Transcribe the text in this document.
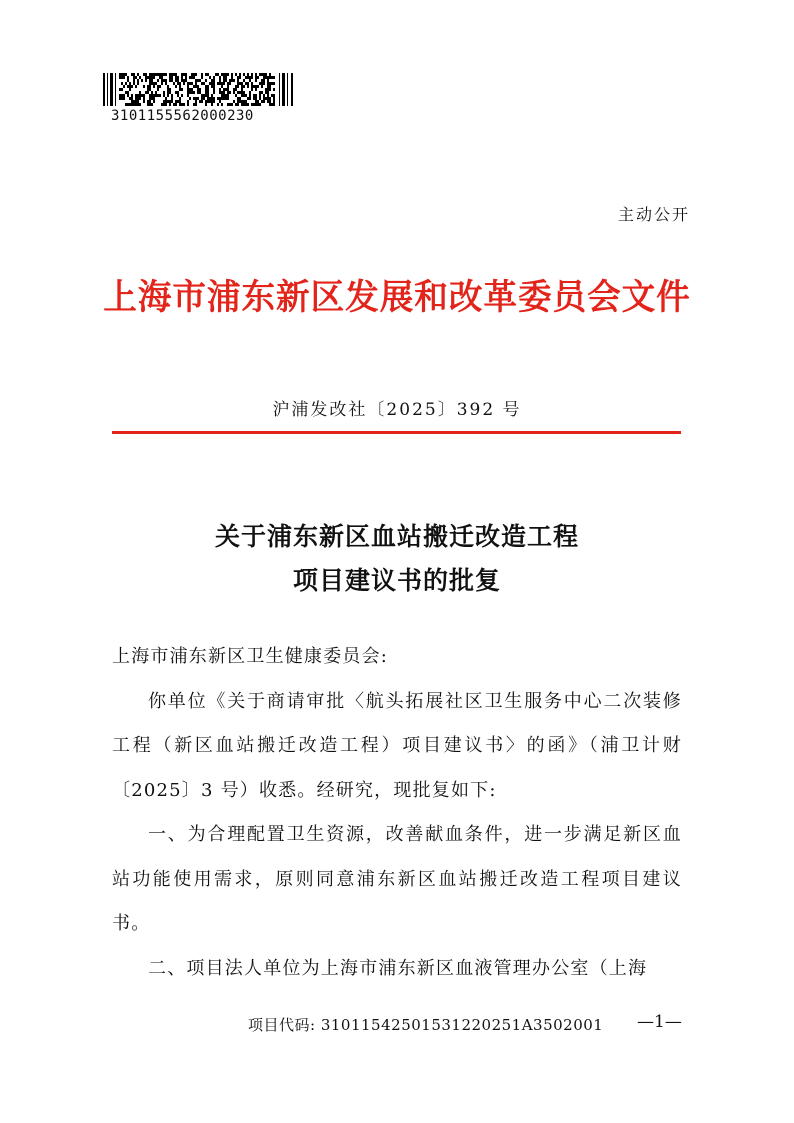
3101155562000230
主动公开
上海市浦东新区发展和改革委员会文件
沪浦发改社〔2025〕392 号
关于浦东新区血站搬迁改造工程
项目建议书的批复

上海市浦东新区卫生健康委员会:

你单位《关于商请审批〈航头拓展社区卫生服务中心二次装修工程（新区血站搬迁改造工程）项目建议书〉的函》（浦卫计财〔2025〕3 号）收悉。经研究，现批复如下:

一、为合理配置卫生资源，改善献血条件，进一步满足新区血站功能使用需求，原则同意浦东新区血站搬迁改造工程项目建议书。

二、项目法人单位为上海市浦东新区血液管理办公室（上海

项目代码: 31011542501531220251A3502001 —1—
